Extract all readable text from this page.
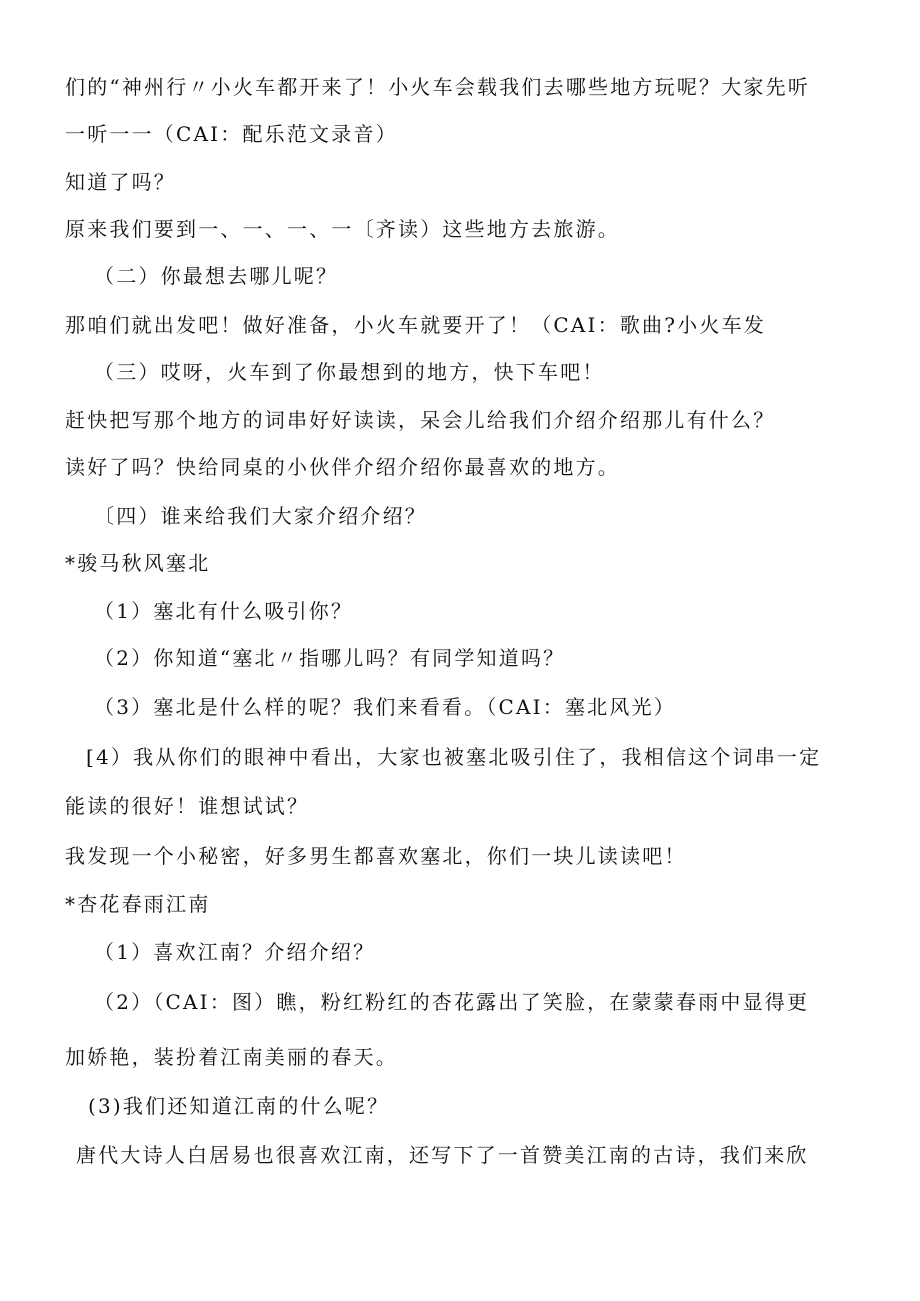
们的“神州行〃小火车都开来了！小火车会载我们去哪些地方玩呢？大家先听
一听一一（CAI：配乐范文录音）
知道了吗？
原来我们要到一、一、一、一〔齐读）这些地方去旅游。
（二）你最想去哪儿呢？
那咱们就出发吧！做好准备，小火车就要开了！（CAI：歌曲?小火车发
（三）哎呀，火车到了你最想到的地方，快下车吧！
赶快把写那个地方的词串好好读读，呆会儿给我们介绍介绍那儿有什么？
读好了吗？快给同桌的小伙伴介绍介绍你最喜欢的地方。
〔四）谁来给我们大家介绍介绍？
*骏马秋风塞北
（1）塞北有什么吸引你？
（2）你知道“塞北〃指哪儿吗？有同学知道吗？
（3）塞北是什么样的呢？我们来看看。（CAI：塞北风光）
[4）我从你们的眼神中看出，大家也被塞北吸引住了，我相信这个词串一定
能读的很好！谁想试试？
我发现一个小秘密，好多男生都喜欢塞北，你们一块儿读读吧！
*杏花春雨江南
（1）喜欢江南？介绍介绍？
（2）（CAI：图）瞧，粉红粉红的杏花露出了笑脸，在蒙蒙春雨中显得更
加娇艳，装扮着江南美丽的春天。
(3)我们还知道江南的什么呢？
唐代大诗人白居易也很喜欢江南，还写下了一首赞美江南的古诗，我们来欣
